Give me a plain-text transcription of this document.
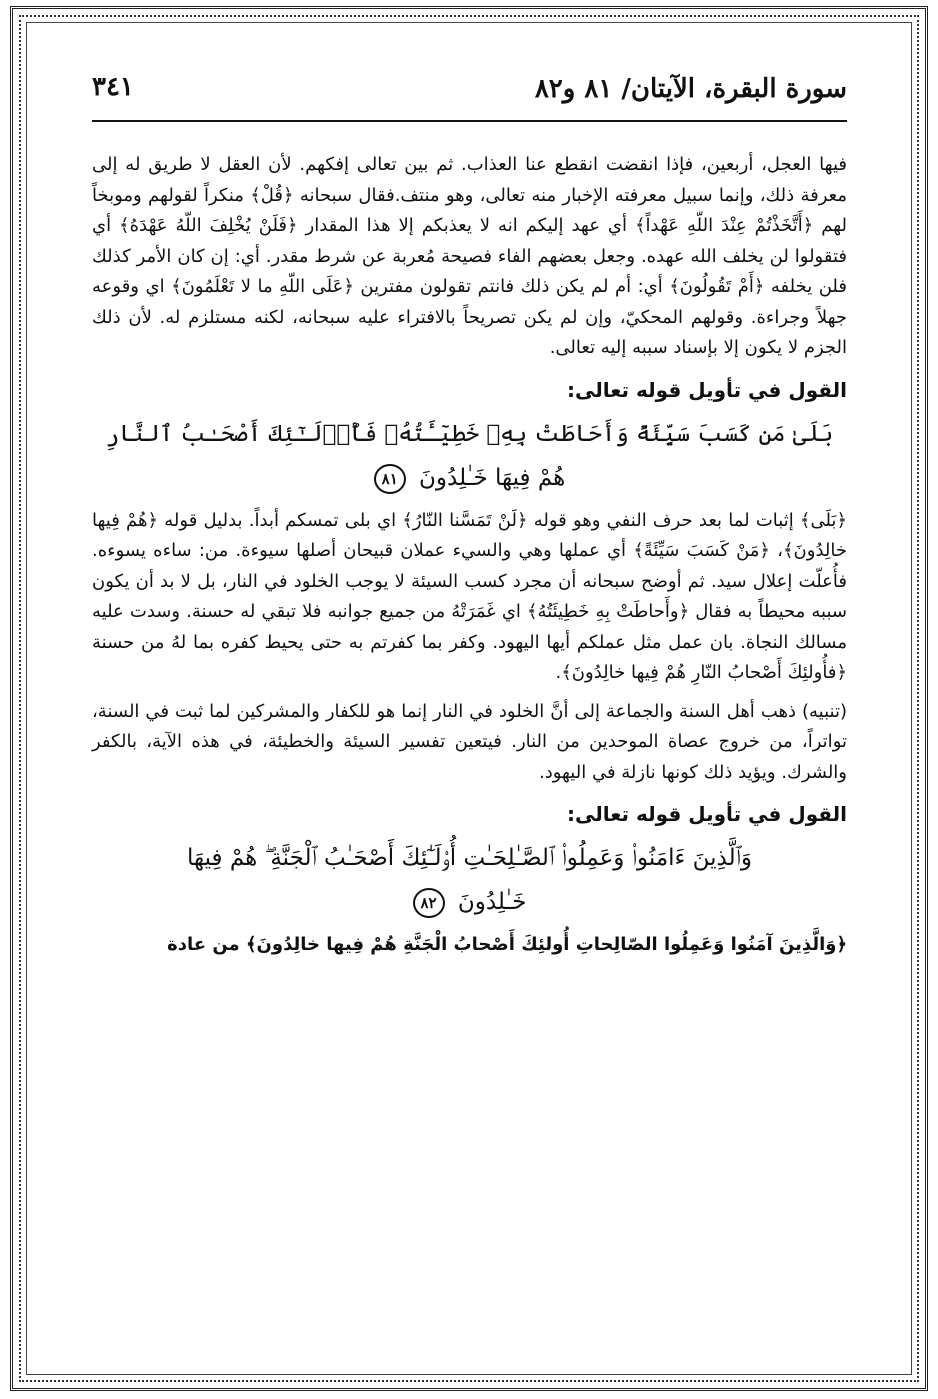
سورة البقرة، الآيتان/ ٨١ و٨٢
٣٤١

فيها العجل، أربعين، فإذا انقضت انقطع عنا العذاب. ثم بين تعالى إفكهم. لأن العقل لا طريق له إلى معرفة ذلك، وإنما سبيل معرفته الإخبار منه تعالى، وهو منتف.فقال سبحانه ﴿قُلْ﴾ منكراً لقولهم وموبخاً لهم ﴿أَتَّخَذْتُمْ عِنْدَ اللّهِ عَهْداً﴾ أي عهد إليكم انه لا يعذبكم إلا هذا المقدار ﴿فَلَنْ يُخْلِفَ اللّهُ عَهْدَهُ﴾ أي فتقولوا لن يخلف الله عهده. وجعل بعضهم الفاء فصيحة مُعربة عن شرط مقدر. أي: إن كان الأمر كذلك فلن يخلفه ﴿أَمْ تَقُولُونَ﴾ أي: أم لم يكن ذلك فانتم تقولون مفترين ﴿عَلَى اللّهِ ما لا تَعْلَمُونَ﴾ اي وقوعه جهلاً وجراءة. وقولهم المحكيّ، وإن لم يكن تصريحاً بالافتراء عليه سبحانه، لكنه مستلزم له. لأن ذلك الجزم لا يكون إلا بإسناد سببه إليه تعالى.

القول في تأويل قوله تعالى:
بَلَىٰ مَن كَسَبَ سَيِّئَةً وَأَحَاطَتْ بِهِۦ خَطِيٓـَٔتُهُۥ فَأُو۟لَـٰٓئِكَ أَصْحَـٰبُ ٱلنَّارِ
هُمْ فِيهَا خَـٰلِدُونَ ٨١

﴿بَلَى﴾ إثبات لما بعد حرف النفي وهو قوله ﴿لَنْ تَمَسَّنا النّارُ﴾ اي بلى تمسكم أبداً. بدليل قوله ﴿هُمْ فِيها خالِدُونَ﴾، ﴿مَنْ كَسَبَ سَيِّئَةً﴾ أي عملها وهي والسيء عملان قبيحان أصلها سيوءة. من: ساءه يسوءه. فأُعلّت إعلال سيد. ثم أوضح سبحانه أن مجرد كسب السيئة لا يوجب الخلود في النار، بل لا بد أن يكون سببه محيطاً به فقال ﴿وأَحاطَتْ بِهِ خَطِيئَتُهُ﴾ اي غَمَرَتْهُ من جميع جوانبه فلا تبقي له حسنة. وسدت عليه مسالك النجاة. بان عمل مثل عملكم أيها اليهود. وكفر بما كفرتم به حتى يحيط كفره بما لهُ من حسنة ﴿فأُولئِكَ أَصْحابُ النّارِ هُمْ فِيها خالِدُونَ﴾.

(تنبيه) ذهب أهل السنة والجماعة إلى أنَّ الخلود في النار إنما هو للكفار والمشركين لما ثبت في السنة، تواتراً، من خروج عصاة الموحدين من النار. فيتعين تفسير السيئة والخطيئة، في هذه الآية، بالكفر والشرك. ويؤيد ذلك كونها نازلة في اليهود.

القول في تأويل قوله تعالى:
وَٱلَّذِينَ ءَامَنُوا۟ وَعَمِلُوا۟ ٱلصَّـٰلِحَـٰتِ أُو۟لَـٰٓئِكَ أَصْحَـٰبُ ٱلْجَنَّةِ ۖ هُمْ فِيهَا
خَـٰلِدُونَ ٨٢

﴿وَالَّذِينَ آمَنُوا وَعَمِلُوا الصّالِحاتِ أُولئِكَ أَصْحابُ الْجَنَّةِ هُمْ فِيها خالِدُونَ﴾ من عادة
